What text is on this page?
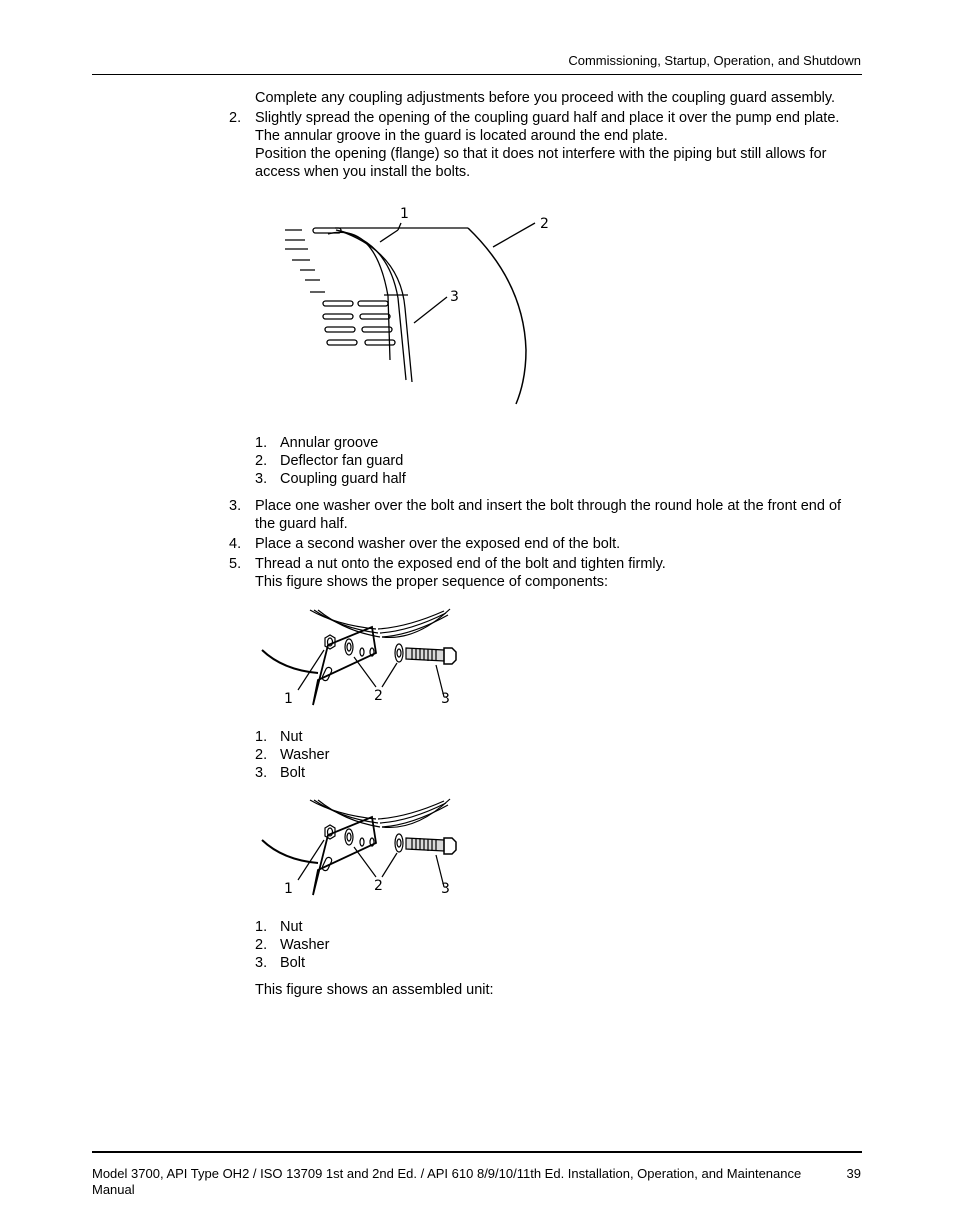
Commissioning, Startup, Operation, and Shutdown
Complete any coupling adjustments before you proceed with the coupling guard assembly.
2. Slightly spread the opening of the coupling guard half and place it over the pump end plate.
The annular groove in the guard is located around the end plate.
Position the opening (flange) so that it does not interfere with the piping but still allows for
access when you install the bolts.
1
2
3
1. Annular groove
2. Deflector fan guard
3. Coupling guard half
3. Place one washer over the bolt and insert the bolt through the round hole at the front end of
the guard half.
4. Place a second washer over the exposed end of the bolt.
5. Thread a nut onto the exposed end of the bolt and tighten firmly.
This figure shows the proper sequence of components:
1	2	3
1. Nut
2. Washer
3. Bolt
1	2	3
1. Nut
2. Washer
3. Bolt
This figure shows an assembled unit:
Model 3700, API Type OH2 / ISO 13709 1st and 2nd Ed. / API 610 8/9/10/11th Ed. Installation, Operation, and Maintenance Manual
39
